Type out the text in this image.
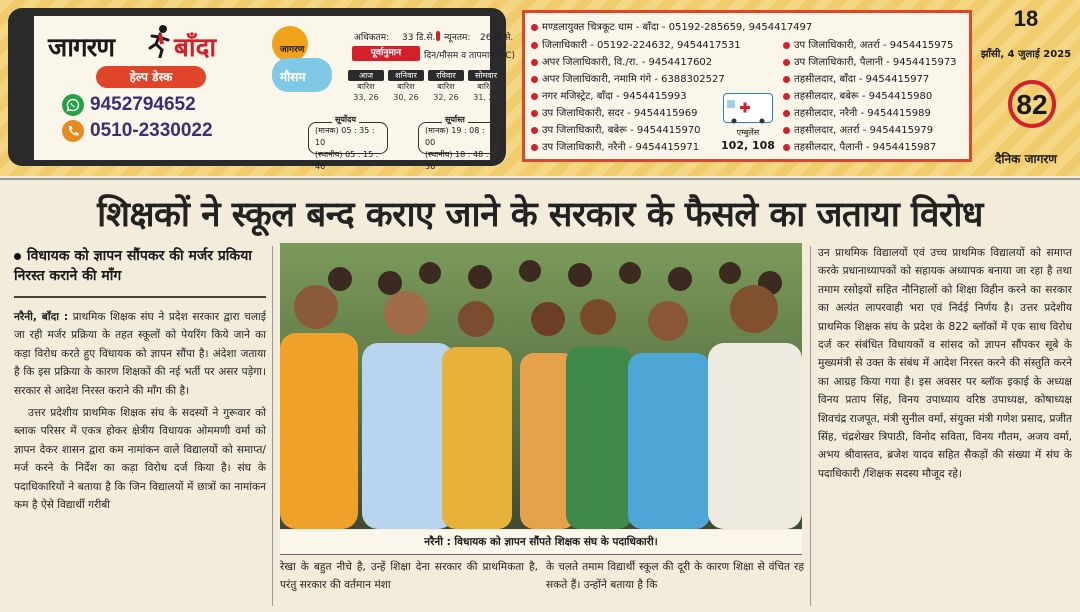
जागरण बाँदा
हेल्प डेस्क
9452794652
0510-2330022
जागरण
मौसम
अधिकतम: 33 डि.से. न्यूनतम: 26 डि.से.
पूर्वानुमान	दिन/मौसम व तापमान (°C)
आज
बारिश
33, 26
शनिवार
बारिश
30, 26
रविवार
बारिश
32, 26
सोमवार
बारिश
31, 26
(मानक) 05 : 35 : 10
(स्थानीय) 05 : 15 : 46
सूर्योदय
(मानक) 19 : 08 : 00
(स्थानीय) 18 : 48 : 36
सूर्यास्त
मण्डलायुक्त चित्रकूट धाम - बाँदा - 05192-285659, 9454417497
जिलाधिकारी - 05192-224632, 9454417531
अपर जिलाधिकारी, वि./रा. - 9454417602
अपर जिलाधिकारी, नमामि गंगे - 6388302527
नगर मजिस्ट्रेट, बाँदा - 9454415993
उप जिलाधिकारी, सदर - 9454415969
उप जिलाधिकारी, बबेरू - 9454415970
उप जिलाधिकारी, नरैनी - 9454415971
उप जिलाधिकारी, अतर्रा - 9454415975
उप जिलाधिकारी, पैलानी - 9454415973
तहसीलदार, बाँदा - 9454415977
तहसीलदार, बबेरू - 9454415980
तहसीलदार, नरैनी - 9454415989
तहसीलदार, अतर्रा - 9454415979
तहसीलदार, पैलानी - 9454415987
एम्बुलेंस
102, 108
18
झाँसी, 4 जुलाई 2025
82
दैनिक जागरण
शिक्षकों ने स्कूल बन्द कराए जाने के सरकार के फैसले का जताया विरोध
विधायक को ज्ञापन सौंपकर की मर्जर प्रकिया निरस्त कराने की माँग

नरैनी, बाँदा : प्राथमिक शिक्षक संघ ने प्रदेश सरकार द्वारा चलाई जा रही मर्जर प्रक्रिया के तहत स्कूलों को पेयरिंग किये जाने का कड़ा विरोध करते हुए विधायक को ज्ञापन सौंपा है। अंदेशा जताया है कि इस प्रक्रिया के कारण शिक्षकों की नई भर्ती पर असर पड़ेगा। सरकार से आदेश निरस्त कराने की माँग की है।

उत्तर प्रदेशीय प्राथमिक शिक्षक संघ के सदस्यों ने गुरूवार को ब्लाक परिसर में एकत्र होकर क्षेत्रीय विधायक ओममणी वर्मा को ज्ञापन देकर शासन द्वारा कम नामांकन वाले विद्यालयों को समाप्त/मर्ज करने के निर्देश का कड़ा विरोध दर्ज किया है। संघ के पदाधिकारियों ने बताया है कि जिन विद्यालयों में छात्रों का नामांकन कम है ऐसे विद्यार्थी गरीबी

नरैनी : विधायक को ज्ञापन सौंपते शिक्षक संघ के पदाधिकारी।
रेखा के बहुत नीचे है, उन्हें शिक्षा देना सरकार की प्राथमिकता है, परंतु सरकार की वर्तमान मंशा
के चलते तमाम विद्यार्थी स्कूल की दूरी के कारण शिक्षा से वंचित रह सकते हैं। उन्होंने बताया है कि
उन प्राथमिक विद्यालयों एवं उच्च प्राथमिक विद्यालयों को समाप्त करके प्रधानाध्यापकों को सहायक अध्यापक बनाया जा रहा है तथा तमाम रसोइयों सहित नौनिहालों को शिक्षा विहीन करने का सरकार का अत्यंत लापरवाही भरा एवं निर्दई निर्णय है। उत्तर प्रदेशीय प्राथमिक शिक्षक संघ के प्रदेश के 822 ब्लॉकों में एक साथ विरोध दर्ज कर संबंधित विधायकों व सांसद को ज्ञापन सौंपकर सूबे के मुख्यमंत्री से उक्त के संबंध में आदेश निरस्त करने की संस्तुति करने का आग्रह किया गया है। इस अवसर पर ब्लॉक इकाई के अध्यक्ष विनय प्रताप सिंह, विनय उपाध्याय वरिष्ठ उपाध्यक्ष, कोषाध्यक्ष शिवचंद्र राजपूत, मंत्री सुनील वर्मा, संयुक्त मंत्री गणेश प्रसाद, प्रजीत सिंह, चंद्रशेखर त्रिपाठी, विनोद सविता, विनय गौतम, अजय वर्मा, अभय श्रीवास्तव, ब्रजेश यादव सहित सैकड़ों की संख्या में संघ के पदाधिकारी /शिक्षक सदस्य मौजूद रहे।
